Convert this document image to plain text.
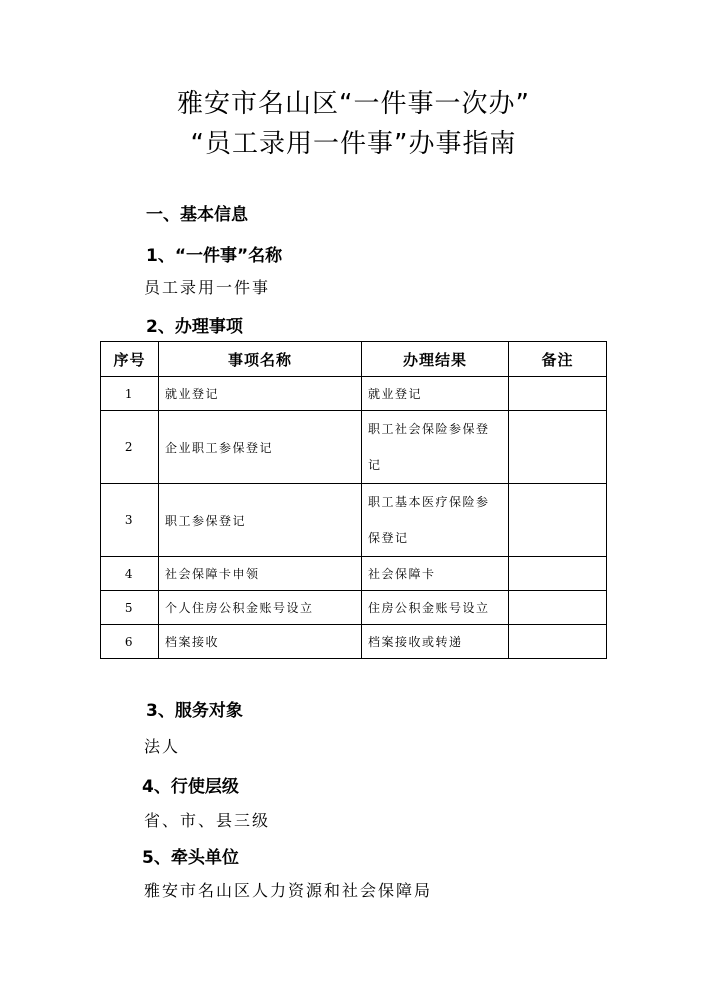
雅安市名山区“一件事一次办”
“员工录用一件事”办事指南
一、基本信息
1、“一件事”名称

员工录用一件事

2、办理事项
序号	事项名称	办理结果	备注
1	就业登记	就业登记	
2	企业职工参保登记	职工社会保险参保登记	
3	职工参保登记	职工基本医疗保险参保登记	
4	社会保障卡申领	社会保障卡	
5	个人住房公积金账号设立	住房公积金账号设立	
6	档案接收	档案接收或转递	
3、服务对象

法人

4、行使层级

省、市、县三级

5、牵头单位

雅安市名山区人力资源和社会保障局
